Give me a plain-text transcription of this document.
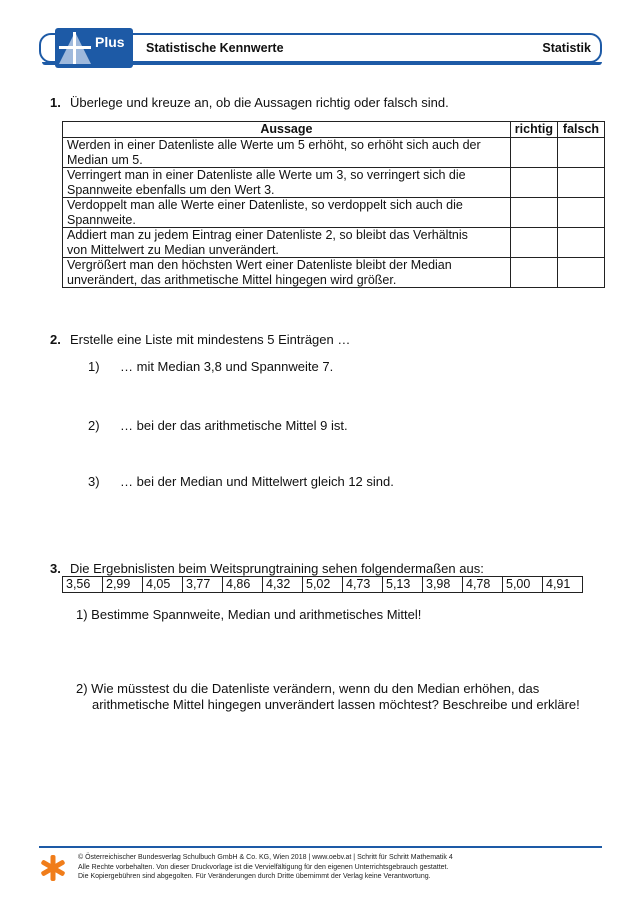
Plus Statistische Kennwerte	Statistik
1. Überlege und kreuze an, ob die Aussagen richtig oder falsch sind.
Aussage	richtig	falsch
Werden in einer Datenliste alle Werte um 5 erhöht, so erhöht sich auch der
Median um 5.		
Verringert man in einer Datenliste alle Werte um 3, so verringert sich die
Spannweite ebenfalls um den Wert 3.		
Verdoppelt man alle Werte einer Datenliste, so verdoppelt sich auch die
Spannweite.		
Addiert man zu jedem Eintrag einer Datenliste 2, so bleibt das Verhältnis
von Mittelwert zu Median unverändert.		
Vergrößert man den höchsten Wert einer Datenliste bleibt der Median
unverändert, das arithmetische Mittel hingegen wird größer.		
2. Erstelle eine Liste mit mindestens 5 Einträgen …
1) … mit Median 3,8 und Spannweite 7.
2) … bei der das arithmetische Mittel 9 ist.
3) … bei der Median und Mittelwert gleich 12 sind.
3. Die Ergebnislisten beim Weitsprungtraining sehen folgendermaßen aus:
3,56	2,99	4,05	3,77	4,86	4,32	5,02	4,73	5,13	3,98	4,78	5,00	4,91
1) Bestimme Spannweite, Median und arithmetisches Mittel!
2) Wie müsstest du die Datenliste verändern, wenn du den Median erhöhen, das
arithmetische Mittel hingegen unverändert lassen möchtest? Beschreibe und erkläre!
© Österreichischer Bundesverlag Schulbuch GmbH & Co. KG, Wien 2018 | www.oebv.at | Schritt für Schritt Mathematik 4
Alle Rechte vorbehalten. Von dieser Druckvorlage ist die Vervielfältigung für den eigenen Unterrichtsgebrauch gestattet.
Die Kopiergebühren sind abgegolten. Für Veränderungen durch Dritte übernimmt der Verlag keine Verantwortung.
